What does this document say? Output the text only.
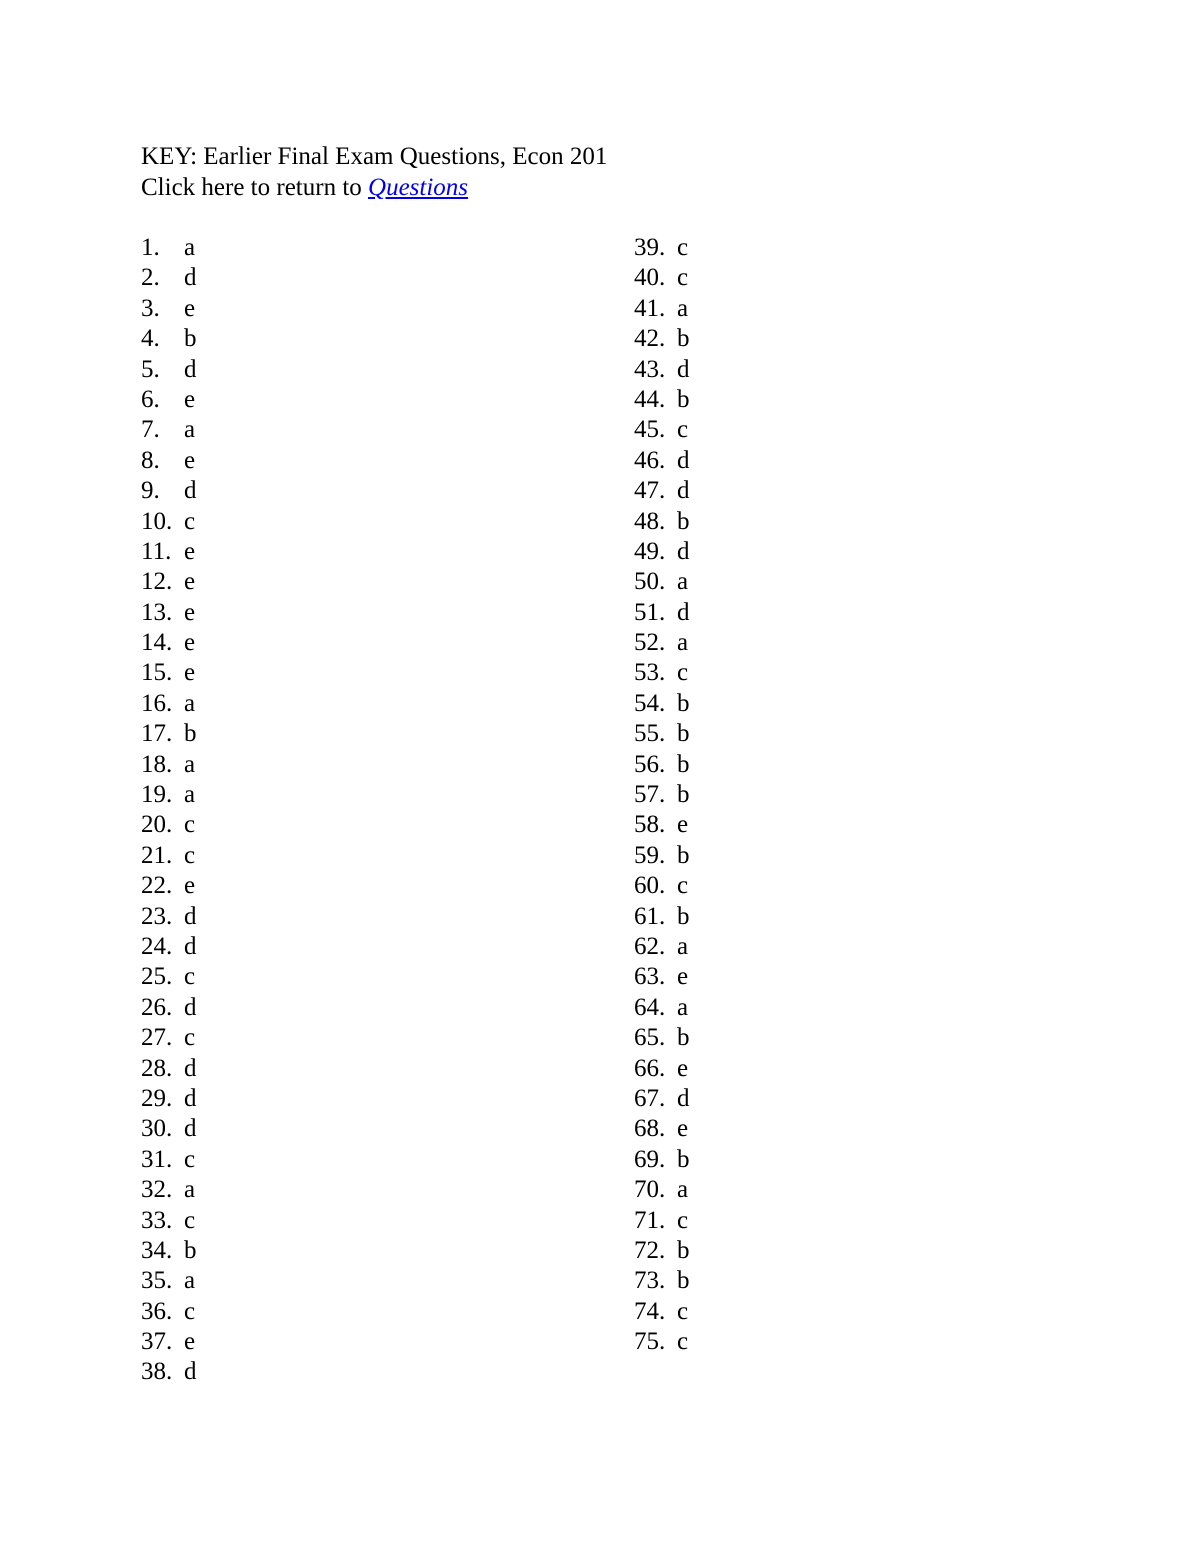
KEY: Earlier Final Exam Questions, Econ 201
Click here to return to Questions
1. a
2. d
3. e
4. b
5. d
6. e
7. a
8. e
9. d
10. c
11. e
12. e
13. e
14. e
15. e
16. a
17. b
18. a
19. a
20. c
21. c
22. e
23. d
24. d
25. c
26. d
27. c
28. d
29. d
30. d
31. c
32. a
33. c
34. b
35. a
36. c
37. e
38. d
39. c
40. c
41. a
42. b
43. d
44. b
45. c
46. d
47. d
48. b
49. d
50. a
51. d
52. a
53. c
54. b
55. b
56. b
57. b
58. e
59. b
60. c
61. b
62. a
63. e
64. a
65. b
66. e
67. d
68. e
69. b
70. a
71. c
72. b
73. b
74. c
75. c
